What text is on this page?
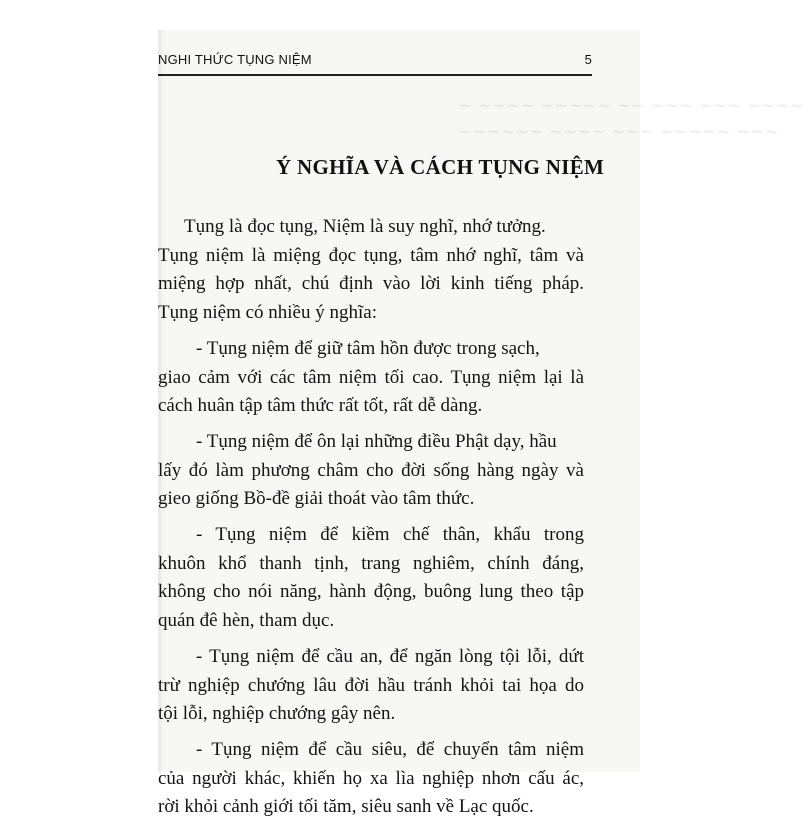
~ ~~~~ ~~~~~ ~~ ~~~ ~~~ ~~~~
~~~~~~ ~~~~ ~~~ ~~~~~ ~~~
NGHI THỨC TỤNG NIỆM	5
Ý NGHĨA VÀ CÁCH TỤNG NIỆM

Tụng là đọc tụng, Niệm là suy nghĩ, nhớ tưởng.
Tụng niệm là miệng đọc tụng, tâm nhớ nghĩ, tâm và
miệng hợp nhất, chú định vào lời kinh tiếng pháp.
Tụng niệm có nhiều ý nghĩa:

- Tụng niệm để giữ tâm hồn được trong sạch,
giao cảm với các tâm niệm tối cao. Tụng niệm lại là
cách huân tập tâm thức rất tốt, rất dễ dàng.

- Tụng niệm để ôn lại những điều Phật dạy, hầu
lấy đó làm phương châm cho đời sống hàng ngày và
gieo giống Bồ-đề giải thoát vào tâm thức.

- Tụng niệm để kiềm chế thân, khẩu trong
khuôn khổ thanh tịnh, trang nghiêm, chính đáng,
không cho nói năng, hành động, buông lung theo tập
quán đê hèn, tham dục.

- Tụng niệm để cầu an, để ngăn lòng tội lỗi, dứt
trừ nghiệp chướng lâu đời hầu tránh khỏi tai họa do
tội lỗi, nghiệp chướng gây nên.

- Tụng niệm để cầu siêu, để chuyển tâm niệm
của người khác, khiến họ xa lìa nghiệp nhơn cấu ác,
rời khỏi cảnh giới tối tăm, siêu sanh về Lạc quốc.
